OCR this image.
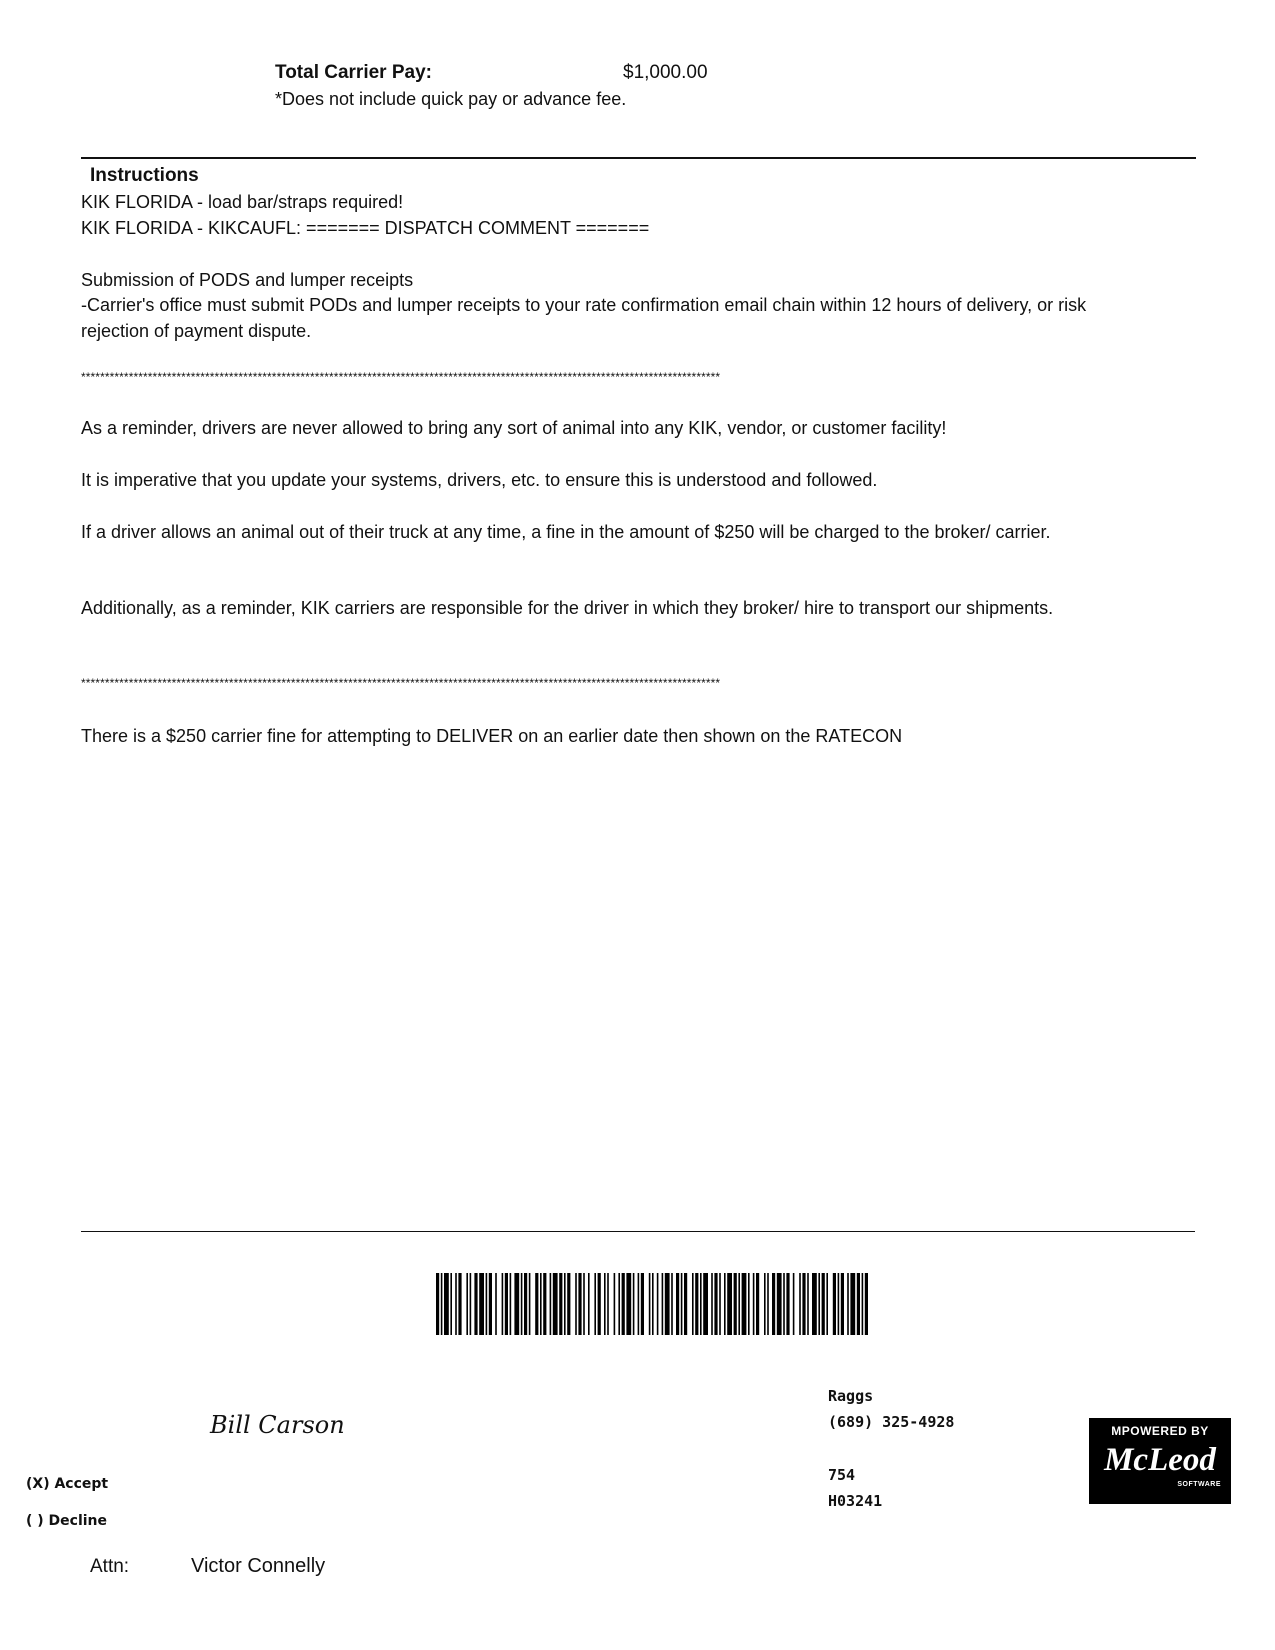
Total Carrier Pay:	$1,000.00
*Does not include quick pay or advance fee.
Instructions
KIK FLORIDA - load bar/straps required!
KIK FLORIDA - KIKCAUFL: ======= DISPATCH COMMENT =======
Submission of PODS and lumper receipts
-Carrier's office must submit PODs and lumper receipts to your rate confirmation email chain within 12 hours of delivery, or risk rejection of payment dispute.
**************************************************************************************************************************************
As a reminder, drivers are never allowed to bring any sort of animal into any KIK, vendor, or customer facility!
It is imperative that you update your systems, drivers, etc. to ensure this is understood and followed.
If a driver allows an animal out of their truck at any time, a fine in the amount of $250 will be charged to the broker/ carrier.
Additionally, as a reminder, KIK carriers are responsible for the driver in which they broker/ hire to transport our shipments.
**************************************************************************************************************************************
There is a $250 carrier fine for attempting to DELIVER on an earlier date then shown on the RATECON
Bill Carson
(X) Accept
( ) Decline
Attn:	Victor Connelly
Raggs
(689) 325-4928
754
H03241
MPOWERED BY
McLeod
SOFTWARE
